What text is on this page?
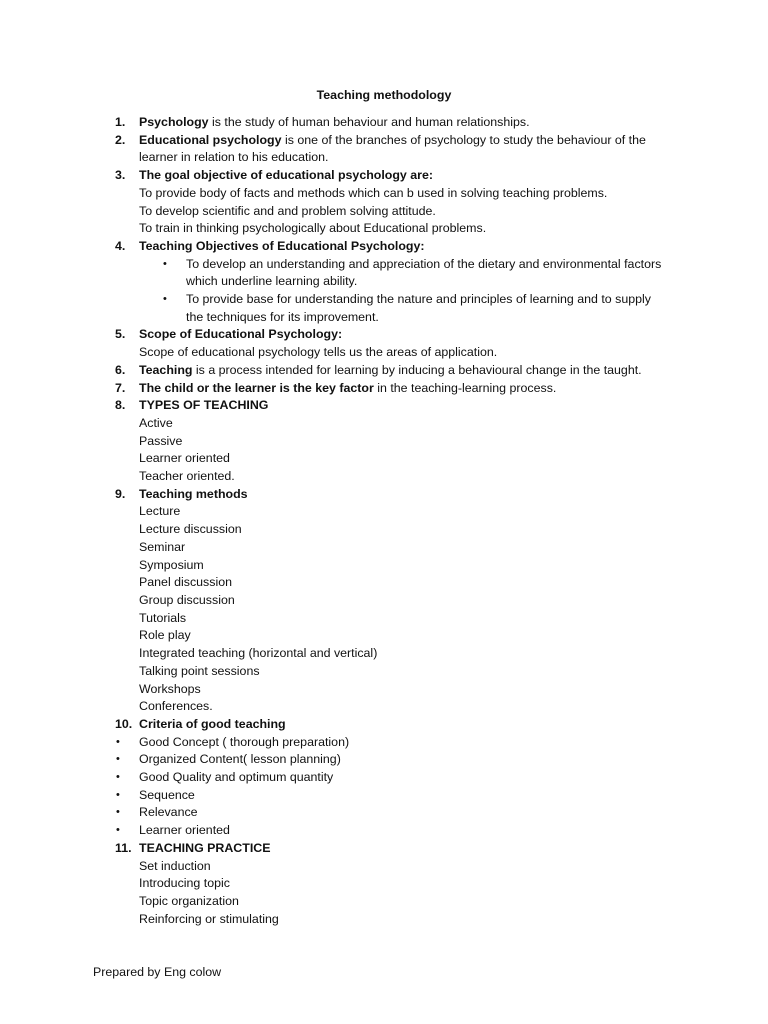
Teaching methodology
1.	Psychology is the study of human behaviour and human relationships.
2.	Educational psychology is one of the branches of psychology to study the behaviour of the learner in relation to his education.
3.	The goal objective of educational psychology are:
To provide body of facts and methods which can b used in solving teaching problems.
To develop scientific and and problem solving attitude.
To train in thinking psychologically about Educational problems.
4.	Teaching Objectives of Educational Psychology:
• To develop an understanding and appreciation of the dietary and environmental factors which underline learning ability.
• To provide base for understanding the nature and principles of learning and to supply the techniques for its improvement.
5.	Scope of Educational Psychology:
Scope of educational psychology tells us the areas of application.
6.	Teaching is a process intended for learning by inducing a behavioural change in the taught.
7.	The child or the learner is the key factor in the teaching-learning process.
8.	TYPES OF TEACHING
Active
Passive
Learner oriented
Teacher oriented.
9.	Teaching methods
Lecture
Lecture discussion
Seminar
Symposium
Panel discussion
Group discussion
Tutorials
Role play
Integrated teaching (horizontal and vertical)
Talking point sessions
Workshops
Conferences.
10. Criteria of good teaching
• Good Concept ( thorough preparation)
• Organized Content( lesson planning)
• Good Quality and optimum quantity
• Sequence
• Relevance
• Learner oriented
11. TEACHING PRACTICE
Set induction
Introducing topic
Topic organization
Reinforcing or stimulating
Prepared by Eng colow
